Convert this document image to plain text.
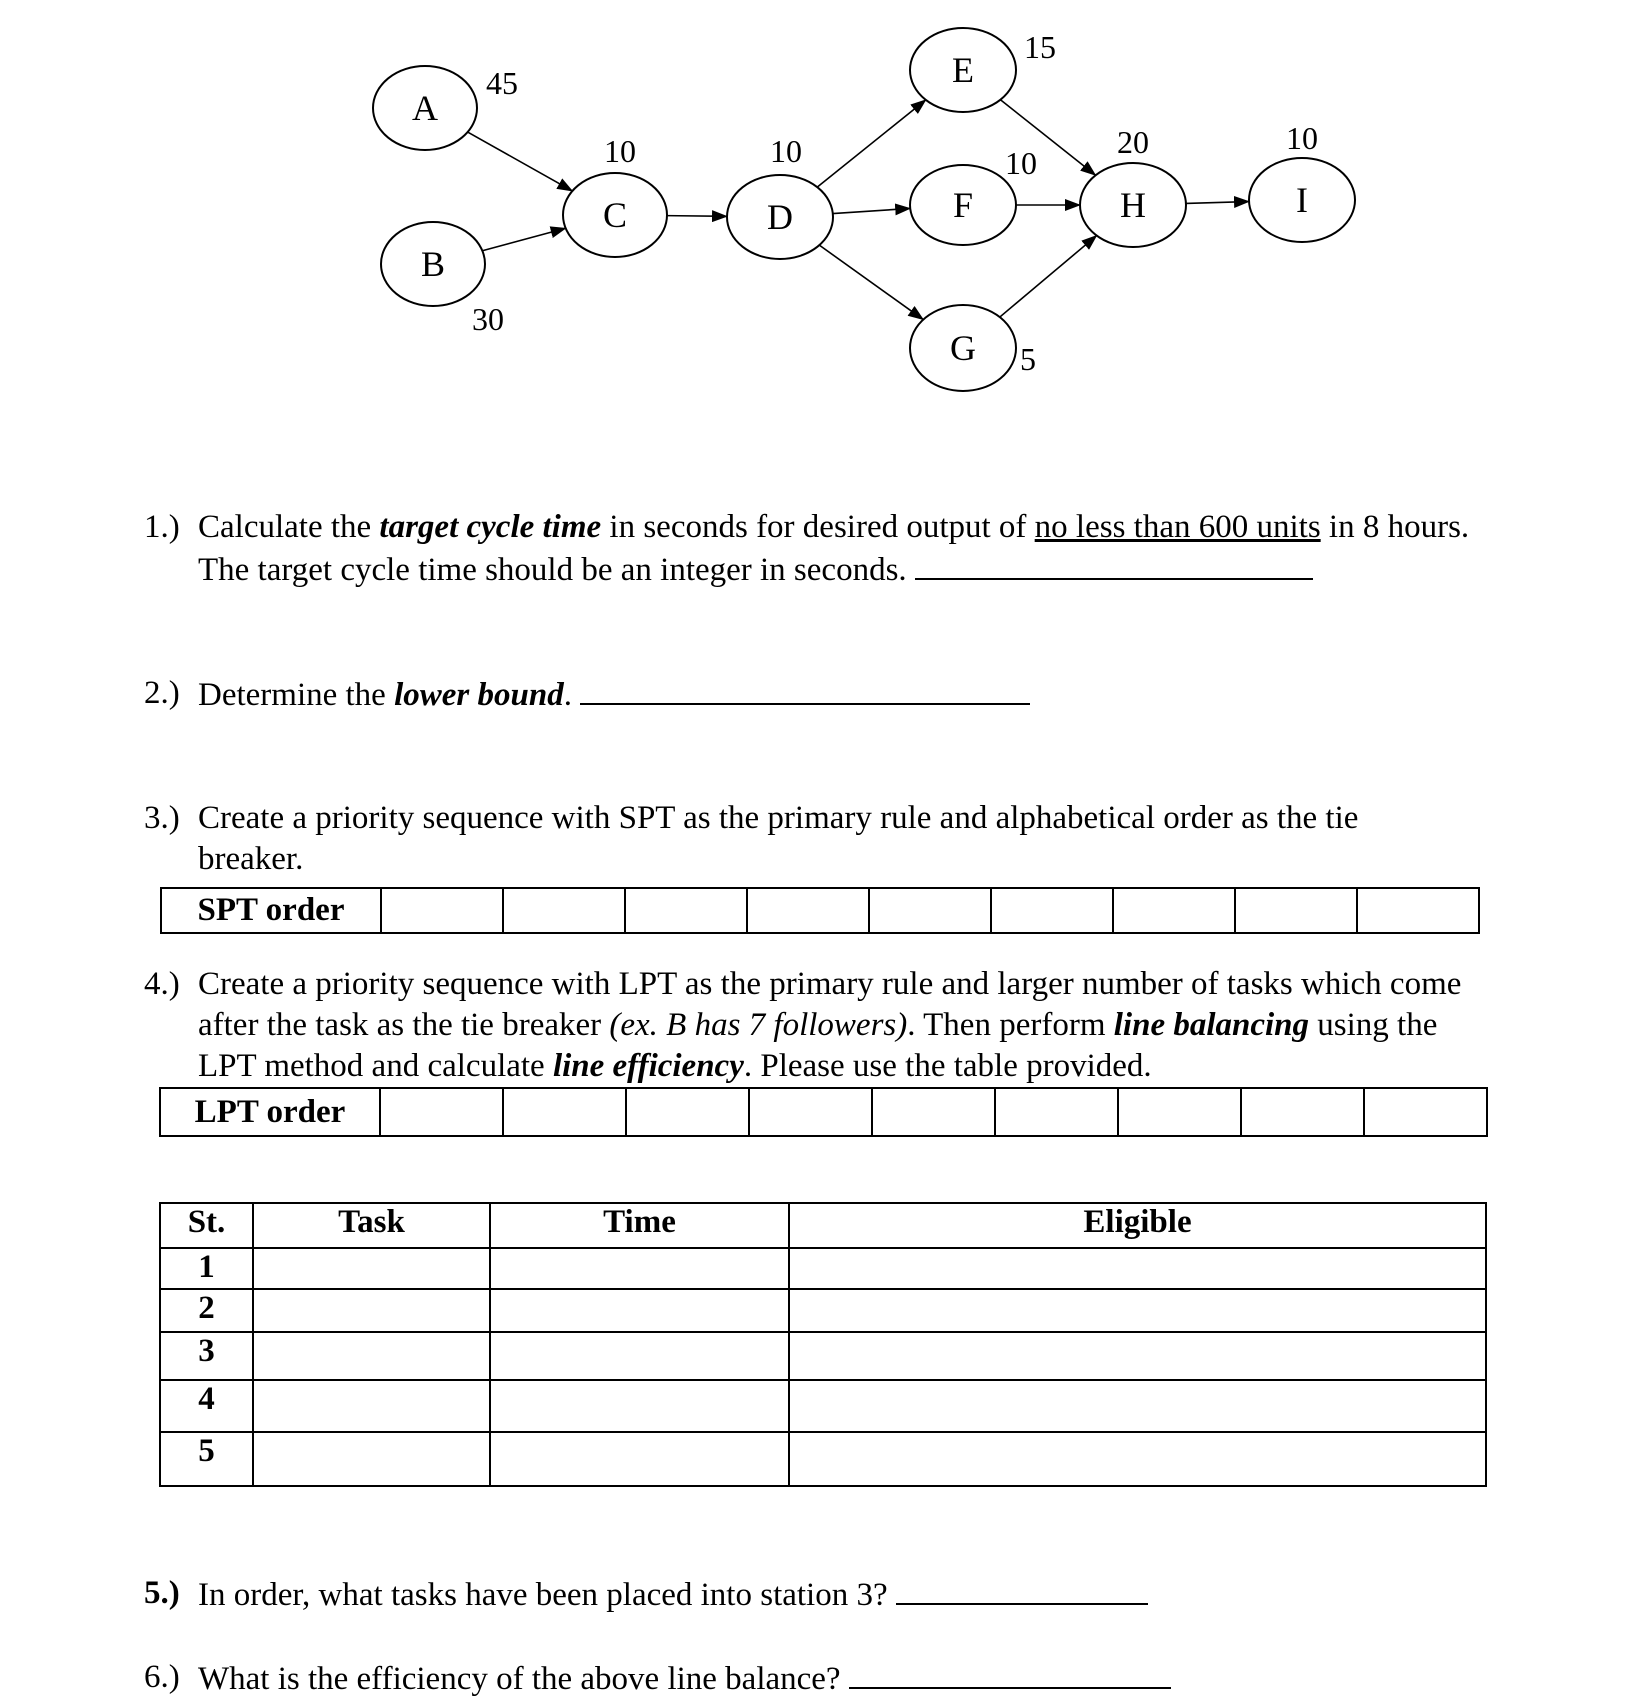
A
B
C	D
E
F
G
H	I
45
30
10	10
15
10
5
20	10
1.) Calculate the target cycle time in seconds for desired output of no less than 600 units in 8 hours.
The target cycle time should be an integer in seconds.
2.) Determine the lower bound.
3.) Create a priority sequence with SPT as the primary rule and alphabetical order as the tie
breaker.
SPT order									
4.) Create a priority sequence with LPT as the primary rule and larger number of tasks which come
after the task as the tie breaker (ex. B has 7 followers). Then perform line balancing using the
LPT method and calculate line efficiency. Please use the table provided.
LPT order									
St.	Task	Time	Eligible
1			
2			
3			
4			
5			
5.) In order, what tasks have been placed into station 3?
6.) What is the efficiency of the above line balance?
